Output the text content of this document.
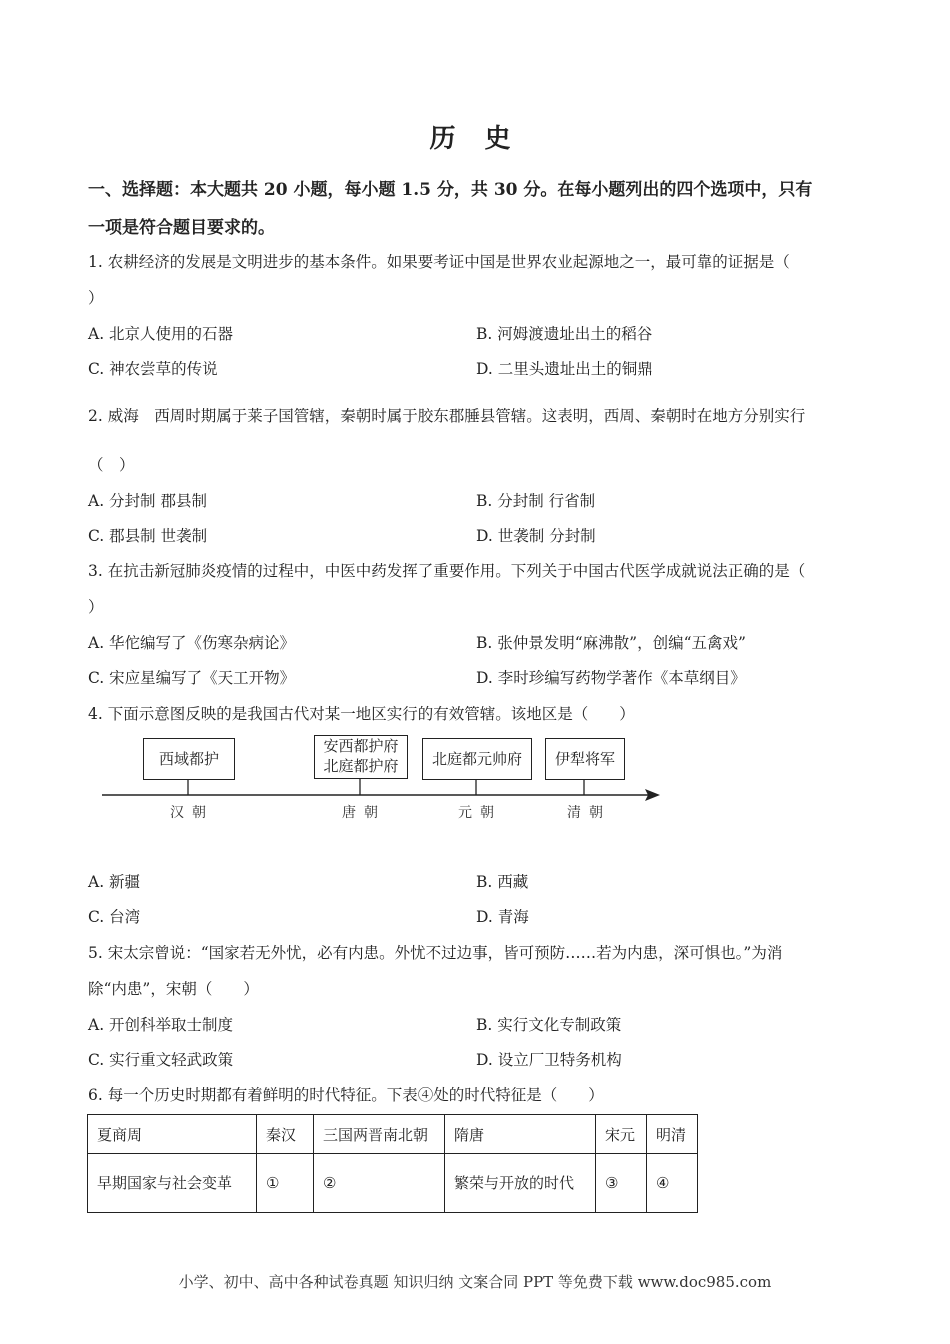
历 史
一、选择题：本大题共 20 小题，每小题 1.5 分，共 30 分。在每小题列出的四个选项中，只有
一项是符合题目要求的。
1. 农耕经济的发展是文明进步的基本条件。如果要考证中国是世界农业起源地之一，最可靠的证据是（
）
A. 北京人使用的石器	B. 河姆渡遗址出土的稻谷
C. 神农尝草的传说	D. 二里头遗址出土的铜鼎
2. 威海　西周时期属于莱子国管辖，秦朝时属于胶东郡腄县管辖。这表明，西周、秦朝时在地方分别实行
（　）
A. 分封制 郡县制	B. 分封制 行省制
C. 郡县制 世袭制	D. 世袭制 分封制
3. 在抗击新冠肺炎疫情的过程中，中医中药发挥了重要作用。下列关于中国古代医学成就说法正确的是（
）
A. 华佗编写了《伤寒杂病论》	B. 张仲景发明“麻沸散”，创编“五禽戏”
C. 宋应星编写了《天工开物》	D. 李时珍编写药物学著作《本草纲目》
4. 下面示意图反映的是我国古代对某一地区实行的有效管辖。该地区是（　　）
西域都护
安西都护府
北庭都护府	北庭都元帅府	伊犁将军
汉朝	唐朝	元朝	清朝
A. 新疆	B. 西藏
C. 台湾	D. 青海
5. 宋太宗曾说：“国家若无外忧，必有内患。外忧不过边事，皆可预防……若为内患，深可惧也。”为消
除“内患”，宋朝（　　）
A. 开创科举取士制度	B. 实行文化专制政策
C. 实行重文轻武政策	D. 设立厂卫特务机构
6. 每一个历史时期都有着鲜明的时代特征。下表④处的时代特征是（　　）
夏商周	秦汉	三国两晋南北朝	隋唐	宋元	明清
早期国家与社会变革	①	②	繁荣与开放的时代	③	④
小学、初中、高中各种试卷真题 知识归纳 文案合同 PPT 等免费下载 www.doc985.com
